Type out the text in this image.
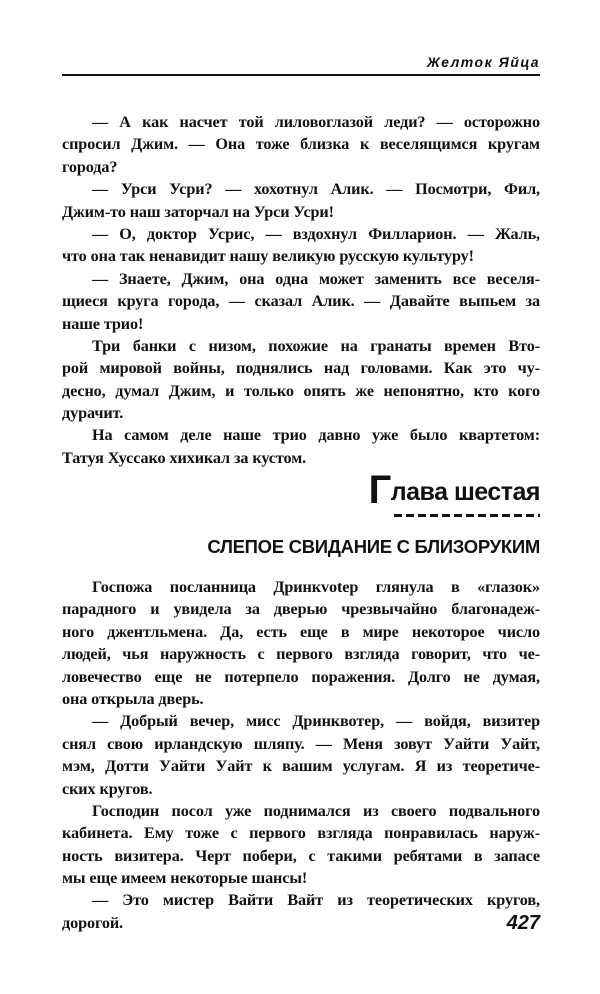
Желток Яйца
— А как насчет той лиловоглазой леди? — осторожно
спросил Джим. — Она тоже близка к веселящимся кругам
города?
— Урси Усри? — хохотнул Алик. — Посмотри, Фил,
Джим-то наш заторчал на Урси Усри!
— О, доктор Усрис, — вздохнул Филларион. — Жаль,
что она так ненавидит нашу великую русскую культуру!
— Знаете, Джим, она одна может заменить все веселя-
щиеся круга города, — сказал Алик. — Давайте выпьем за
наше трио!
Три банки с низом, похожие на гранаты времен Вто-
рой мировой войны, поднялись над головами. Как это чу-
десно, думал Джим, и только опять же непонятно, кто кого
дурачит.
На самом деле наше трио давно уже было квартетом:
Татуя Хуссако хихикал за кустом.
Глава шестая
СЛЕПОЕ СВИДАНИЕ С БЛИЗОРУКИМ
Госпожа посланница Дринкvotер глянула в «глазок»
парадного и увидела за дверью чрезвычайно благонадеж-
ного джентльмена. Да, есть еще в мире некоторое число
людей, чья наружность с первого взгляда говорит, что че-
ловечество еще не потерпело поражения. Долго не думая,
она открыла дверь.
— Добрый вечер, мисс Дринквотер, — войдя, визитер
снял свою ирландскую шляпу. — Меня зовут Уайти Уайт,
мэм, Дотти Уайти Уайт к вашим услугам. Я из теоретиче-
ских кругов.
Господин посол уже поднимался из своего подвального
кабинета. Ему тоже с первого взгляда понравилась наруж-
ность визитера. Черт побери, с такими ребятами в запасе
мы еще имеем некоторые шансы!
— Это мистер Вайти Вайт из теоретических кругов,
дорогой.	427
